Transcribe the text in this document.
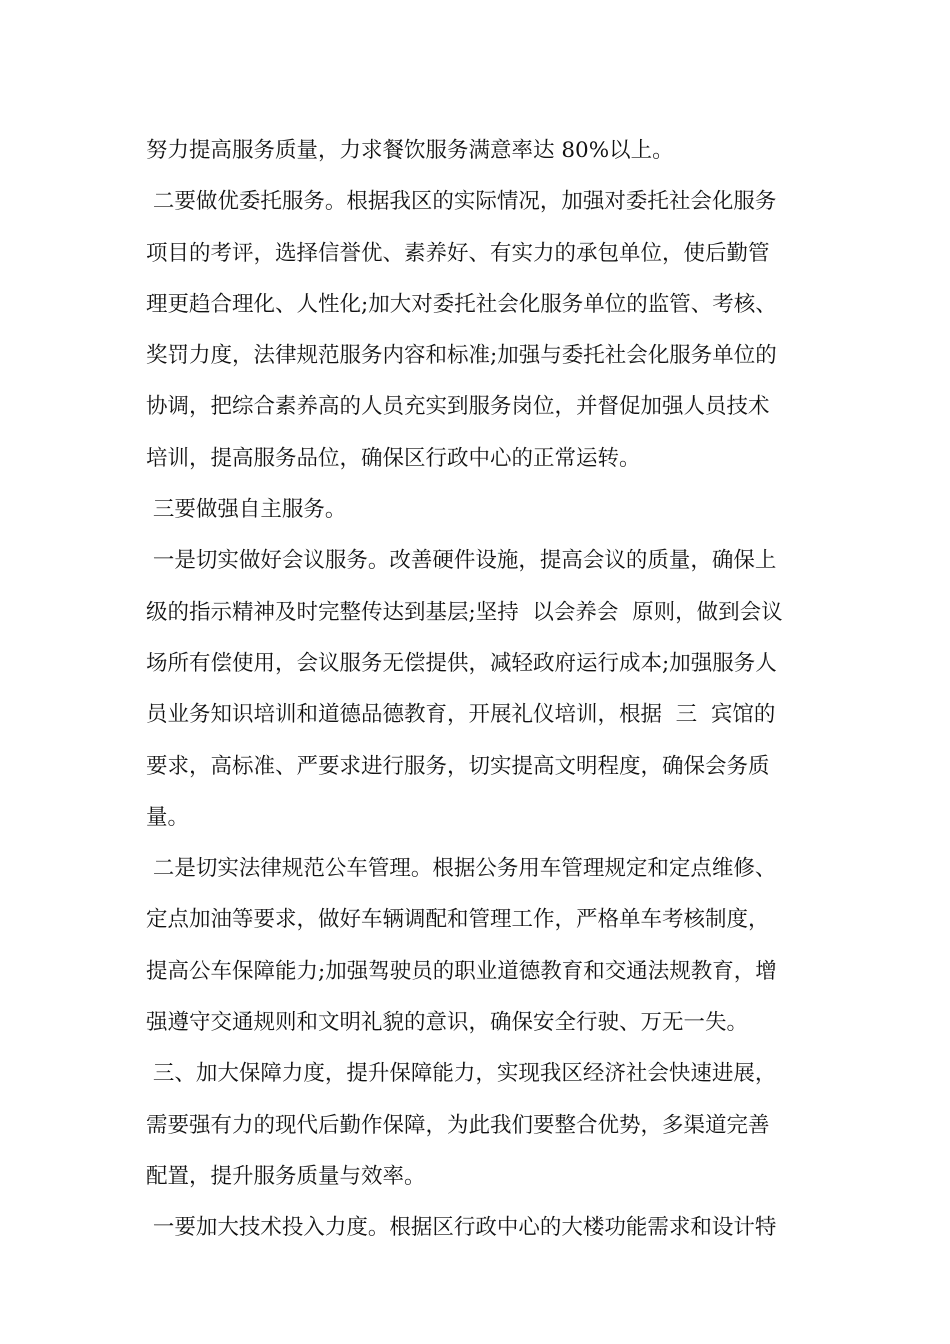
努力提高服务质量，力求餐饮服务满意率达 80%以上。
二要做优委托服务。根据我区的实际情况，加强对委托社会化服务
项目的考评，选择信誉优、素养好、有实力的承包单位，使后勤管
理更趋合理化、人性化;加大对委托社会化服务单位的监管、考核、
奖罚力度，法律规范服务内容和标准;加强与委托社会化服务单位的
协调，把综合素养高的人员充实到服务岗位，并督促加强人员技术
培训，提高服务品位，确保区行政中心的正常运转。
三要做强自主服务。
一是切实做好会议服务。改善硬件设施，提高会议的质量，确保上
级的指示精神及时完整传达到基层;坚持  以会养会  原则，做到会议
场所有偿使用，会议服务无偿提供，减轻政府运行成本;加强服务人
员业务知识培训和道德品德教育，开展礼仪培训，根据  三  宾馆的
要求，高标准、严要求进行服务，切实提高文明程度，确保会务质
量。
二是切实法律规范公车管理。根据公务用车管理规定和定点维修、
定点加油等要求，做好车辆调配和管理工作，严格单车考核制度，
提高公车保障能力;加强驾驶员的职业道德教育和交通法规教育，增
强遵守交通规则和文明礼貌的意识，确保安全行驶、万无一失。
三、加大保障力度，提升保障能力，实现我区经济社会快速进展，
需要强有力的现代后勤作保障，为此我们要整合优势，多渠道完善
配置，提升服务质量与效率。
一要加大技术投入力度。根据区行政中心的大楼功能需求和设计特
